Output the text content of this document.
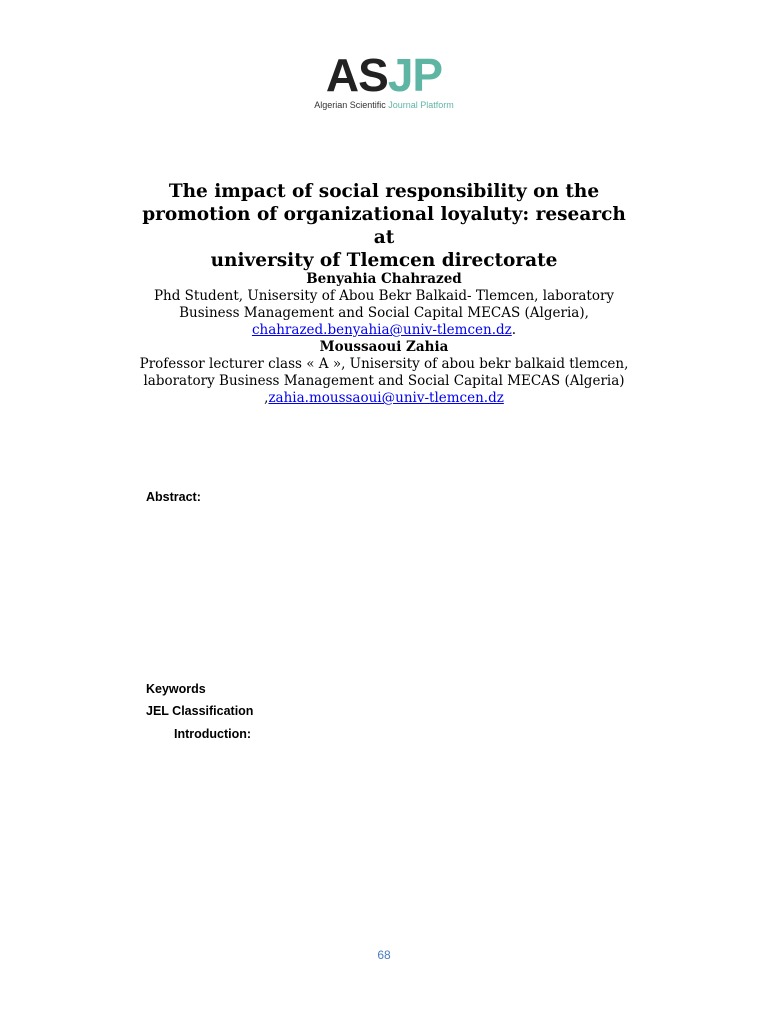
ASJP
Algerian Scientific Journal Platform
The impact of social responsibility on the
promotion of organizational loyaluty: research at
university of Tlemcen directorate
Benyahia Chahrazed
Phd Student, Unisersity of Abou Bekr Balkaid- Tlemcen, laboratory
Business Management and Social Capital MECAS (Algeria),
chahrazed.benyahia@univ-tlemcen.dz.
Moussaoui Zahia
Professor lecturer class « A », Unisersity of abou bekr balkaid tlemcen,
laboratory Business Management and Social Capital MECAS (Algeria)
,zahia.moussaoui@univ-tlemcen.dz
Abstract:
Keywords
JEL Classification
Introduction:
68
